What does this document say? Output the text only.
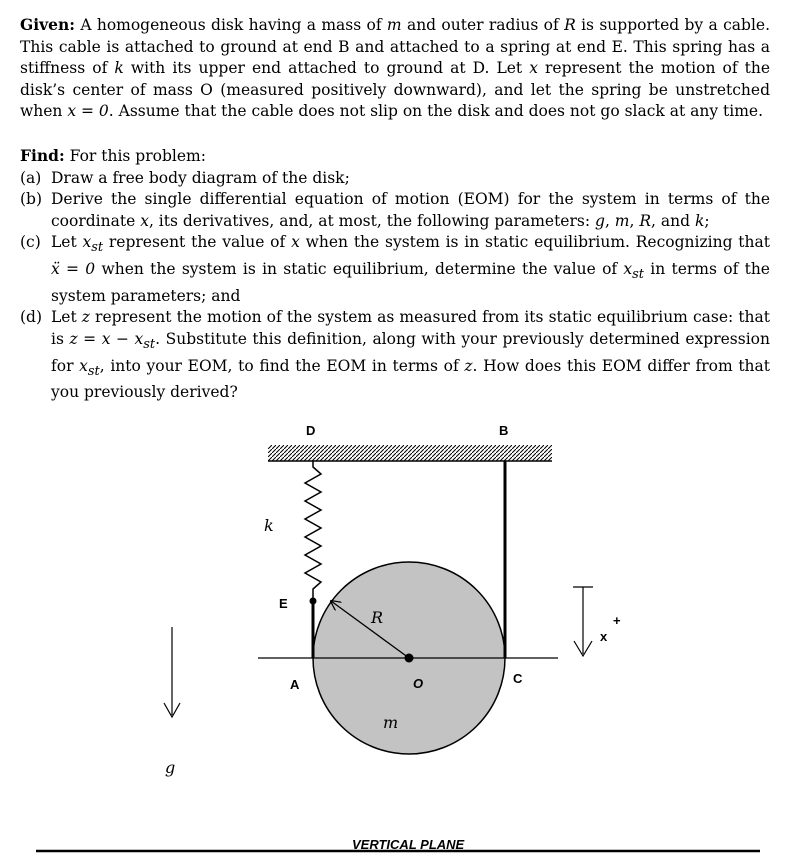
Given: A homogeneous disk having a mass of m and outer radius of R is supported by a cable. This cable is attached to ground at end B and attached to a spring at end E. This spring has a stiffness of k with its upper end attached to ground at D. Let x represent the motion of the disk’s center of mass O (measured positively downward), and let the spring be unstretched when x = 0. Assume that the cable does not slip on the disk and does not go slack at any time.
Find: For this problem:
(a) Draw a free body diagram of the disk;
(b) Derive the single differential equation of motion (EOM) for the system in terms of the coordinate x, its derivatives, and, at most, the following parameters: g, m, R, and k;
(c) Let $x_{st}$ represent the value of x when the system is in static equilibrium. Recognizing that ẍ = 0 when the system is in static equilibrium, determine the value of $x_{st}$ in terms of the system parameters; and
(d) Let z represent the motion of the system as measured from its static equilibrium case: that is $z = x - x_{st}$. Substitute this definition, along with your previously determined expression for $x_{st}$, into your EOM, to find the EOM in terms of z. How does this EOM differ from that you previously derived?
D	B
k
E
R
A	O	C
m
x
+
g
VERTICAL PLANE
